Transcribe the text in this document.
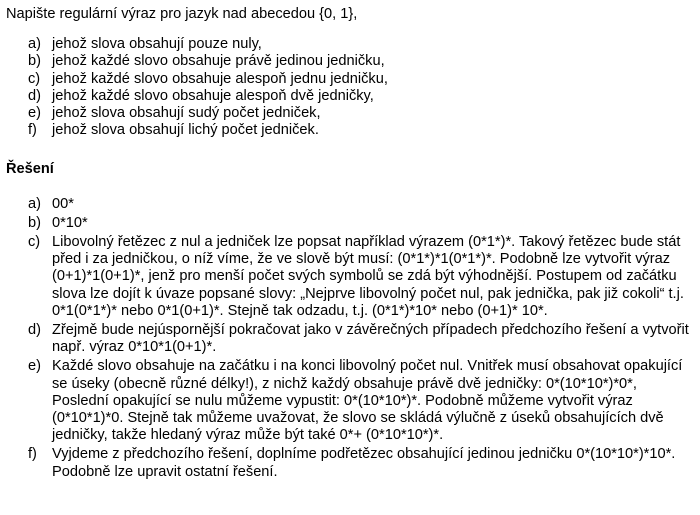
Napište regulární výraz pro jazyk nad abecedou {0, 1},
a) jehož slova obsahují pouze nuly,
b) jehož každé slovo obsahuje právě jedinou jedničku,
c) jehož každé slovo obsahuje alespoň jednu jedničku,
d) jehož každé slovo obsahuje alespoň dvě jedničky,
e) jehož slova obsahují sudý počet jedniček,
f) jehož slova obsahují lichý počet jedniček.
Řešení
a) 00*
b) 0*10*
c) Libovolný řetězec z nul a jedniček lze popsat například výrazem (0*1*)*. Takový řetězec bude stát před i za jedničkou, o níž víme, že ve slově být musí: (0*1*)*1(0*1*)*. Podobně lze vytvořit výraz (0+1)*1(0+1)*, jenž pro menší počet svých symbolů se zdá být výhodnější. Postupem od začátku slova lze dojít k úvaze popsané slovy: „Nejprve libovolný počet nul, pak jednička, pak již cokoli“ t.j. 0*1(0*1*)* nebo 0*1(0+1)*. Stejně tak odzadu, t.j. (0*1*)*10* nebo (0+1)* 10*.
d) Zřejmě bude nejúspornější pokračovat jako v závěrečných případech předchozího řešení a vytvořit např. výraz 0*10*1(0+1)*.
e) Každé slovo obsahuje na začátku i na konci libovolný počet nul. Vnitřek musí obsahovat opakující se úseky (obecně různé délky!), z nichž každý obsahuje právě dvě jedničky: 0*(10*10*)*0*, Poslední opakující se nulu můžeme vypustit: 0*(10*10*)*. Podobně můžeme vytvořit výraz (0*10*1)*0. Stejně tak můžeme uvažovat, že slovo se skládá výlučně z úseků obsahujících dvě jedničky, takže hledaný výraz může být také 0*+ (0*10*10*)*.
f) Vyjdeme z předchozího řešení, doplníme podřetězec obsahující jedinou jedničku 0*(10*10*)*10*. Podobně lze upravit ostatní řešení.
